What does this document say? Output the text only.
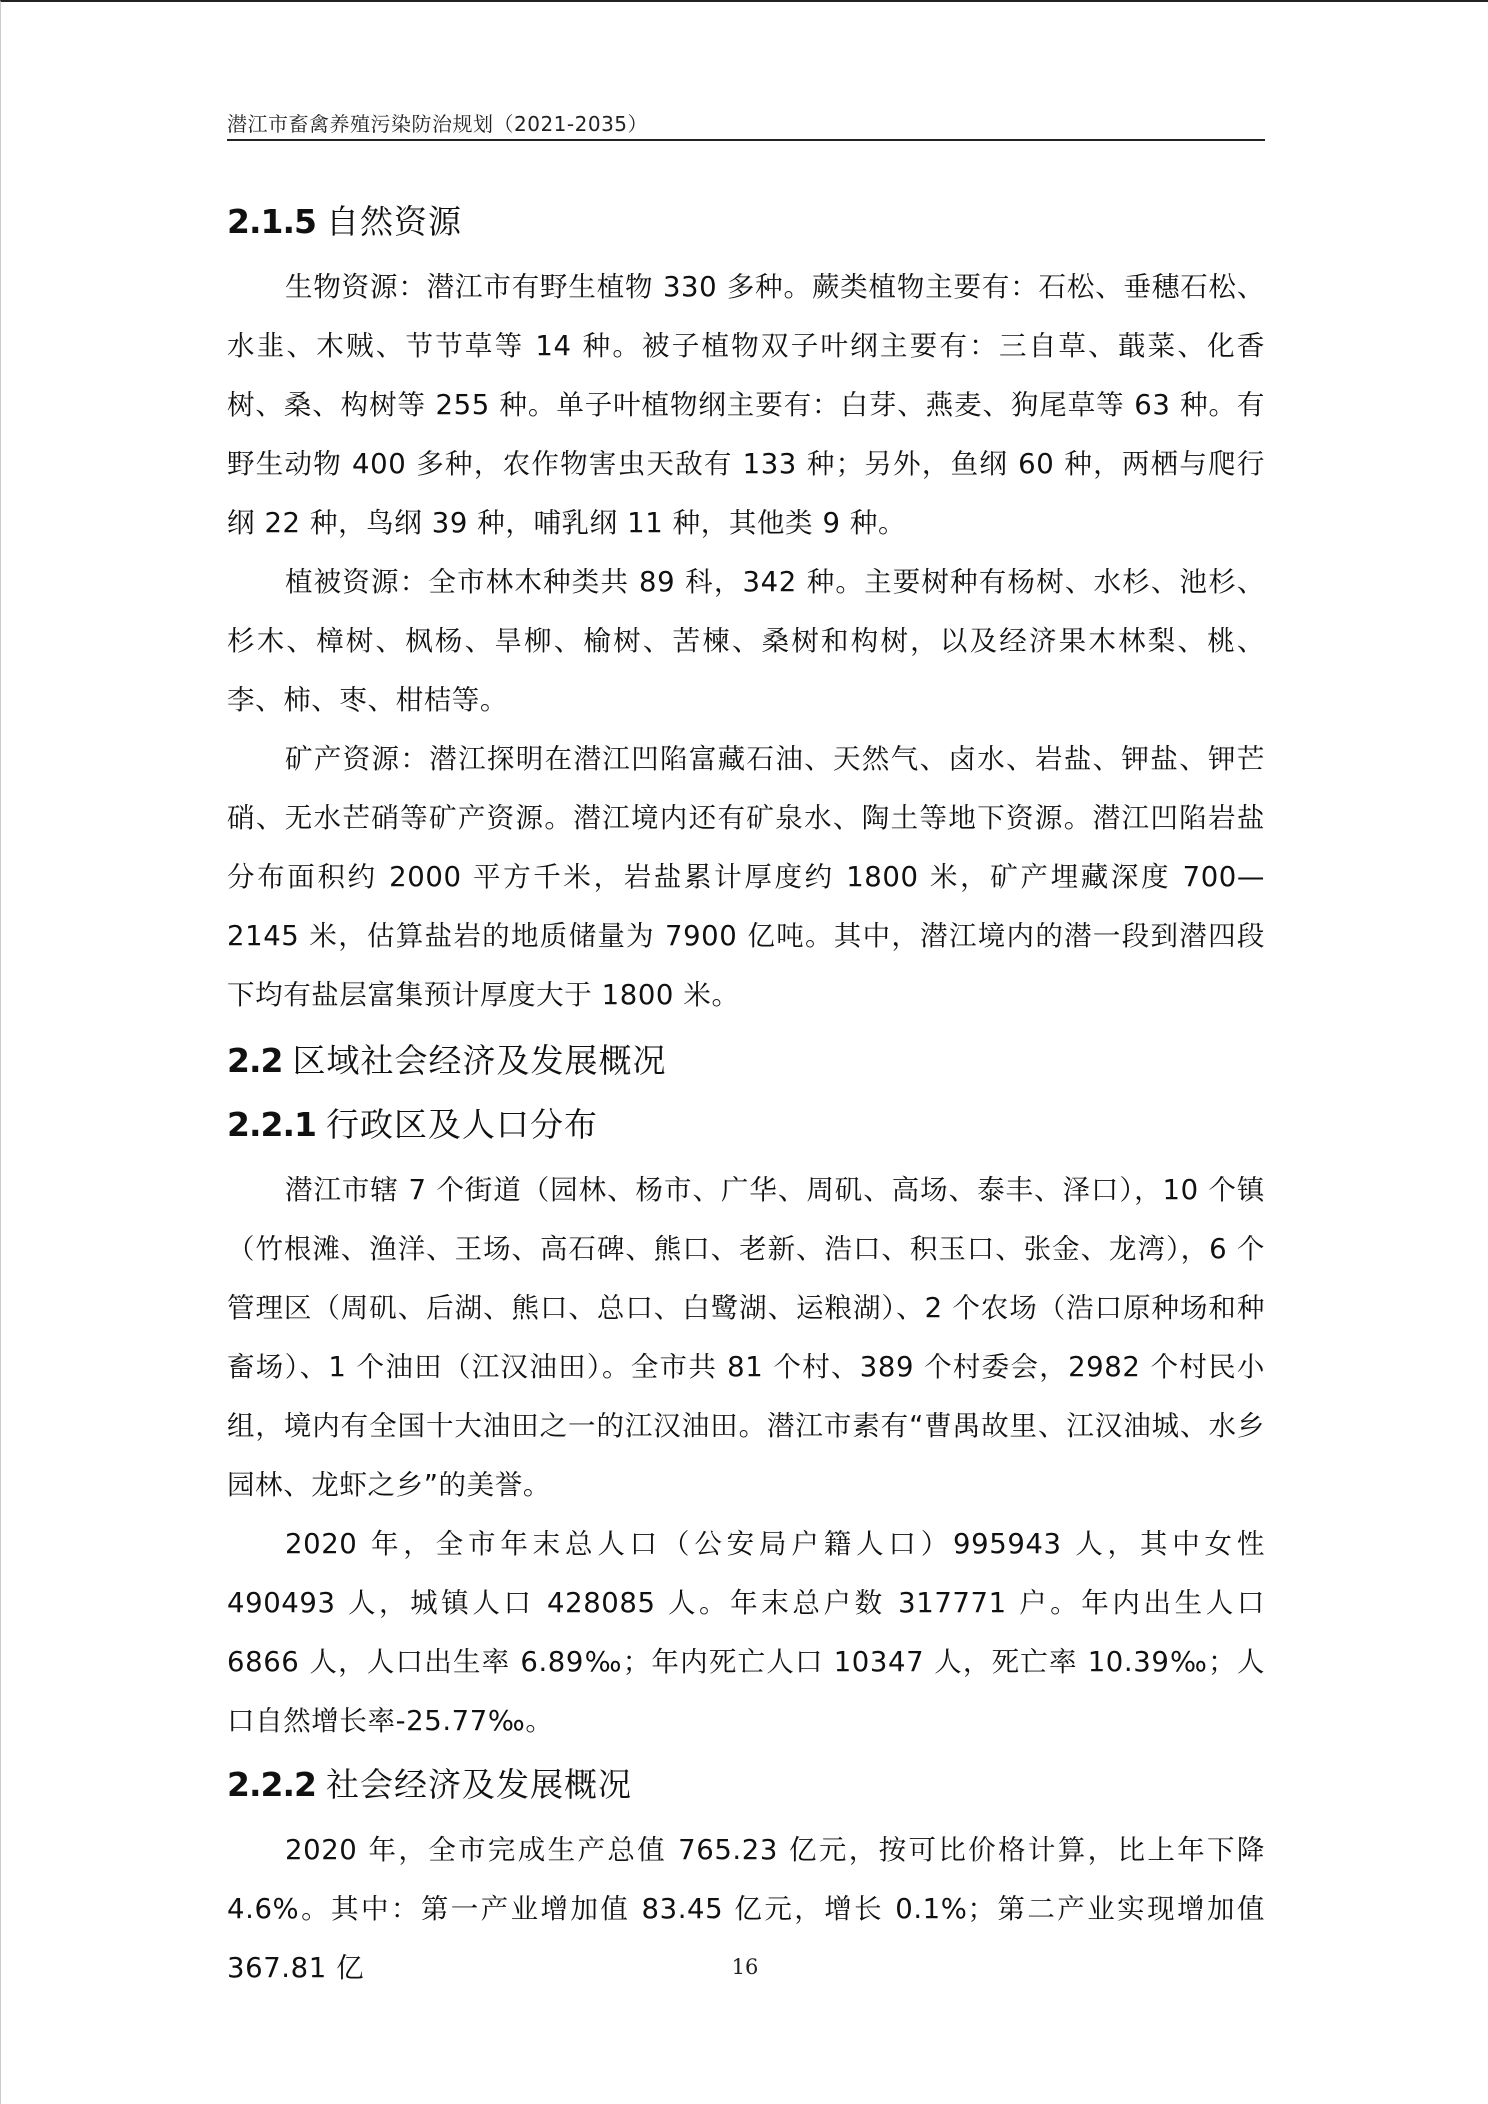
潜江市畜禽养殖污染防治规划（2021-2035）
2.1.5 自然资源

生物资源：潜江市有野生植物 330 多种。蕨类植物主要有：石松、垂穗石松、水韭、木贼、节节草等 14 种。被子植物双子叶纲主要有：三自草、蕺菜、化香树、桑、构树等 255 种。单子叶植物纲主要有：白芽、燕麦、狗尾草等 63 种。有野生动物 400 多种，农作物害虫天敌有 133 种；另外，鱼纲 60 种，两栖与爬行纲 22 种，鸟纲 39 种，哺乳纲 11 种，其他类 9 种。

植被资源：全市林木种类共 89 科，342 种。主要树种有杨树、水杉、池杉、杉木、樟树、枫杨、旱柳、榆树、苦楝、桑树和构树，以及经济果木林梨、桃、李、柿、枣、柑桔等。

矿产资源：潜江探明在潜江凹陷富藏石油、天然气、卤水、岩盐、钾盐、钾芒硝、无水芒硝等矿产资源。潜江境内还有矿泉水、陶土等地下资源。潜江凹陷岩盐分布面积约 2000 平方千米，岩盐累计厚度约 1800 米，矿产埋藏深度 700—2145 米，估算盐岩的地质储量为 7900 亿吨。其中，潜江境内的潜一段到潜四段下均有盐层富集预计厚度大于 1800 米。

2.2 区域社会经济及发展概况
2.2.1 行政区及人口分布

潜江市辖 7 个街道（园林、杨市、广华、周矶、高场、泰丰、泽口），10 个镇（竹根滩、渔洋、王场、高石碑、熊口、老新、浩口、积玉口、张金、龙湾），6 个管理区（周矶、后湖、熊口、总口、白鹭湖、运粮湖）、2 个农场（浩口原种场和种畜场）、1 个油田（江汉油田）。全市共 81 个村、389 个村委会，2982 个村民小组，境内有全国十大油田之一的江汉油田。潜江市素有“曹禺故里、江汉油城、水乡园林、龙虾之乡”的美誉。

2020 年，全市年末总人口（公安局户籍人口）995943 人，其中女性 490493 人，城镇人口 428085 人。年末总户数 317771 户。年内出生人口 6866 人，人口出生率 6.89‰；年内死亡人口 10347 人，死亡率 10.39‰；人口自然增长率-25.77‰。

2.2.2 社会经济及发展概况

2020 年，全市完成生产总值 765.23 亿元，按可比价格计算，比上年下降 4.6%。其中：第一产业增加值 83.45 亿元，增长 0.1%；第二产业实现增加值 367.81 亿	16
